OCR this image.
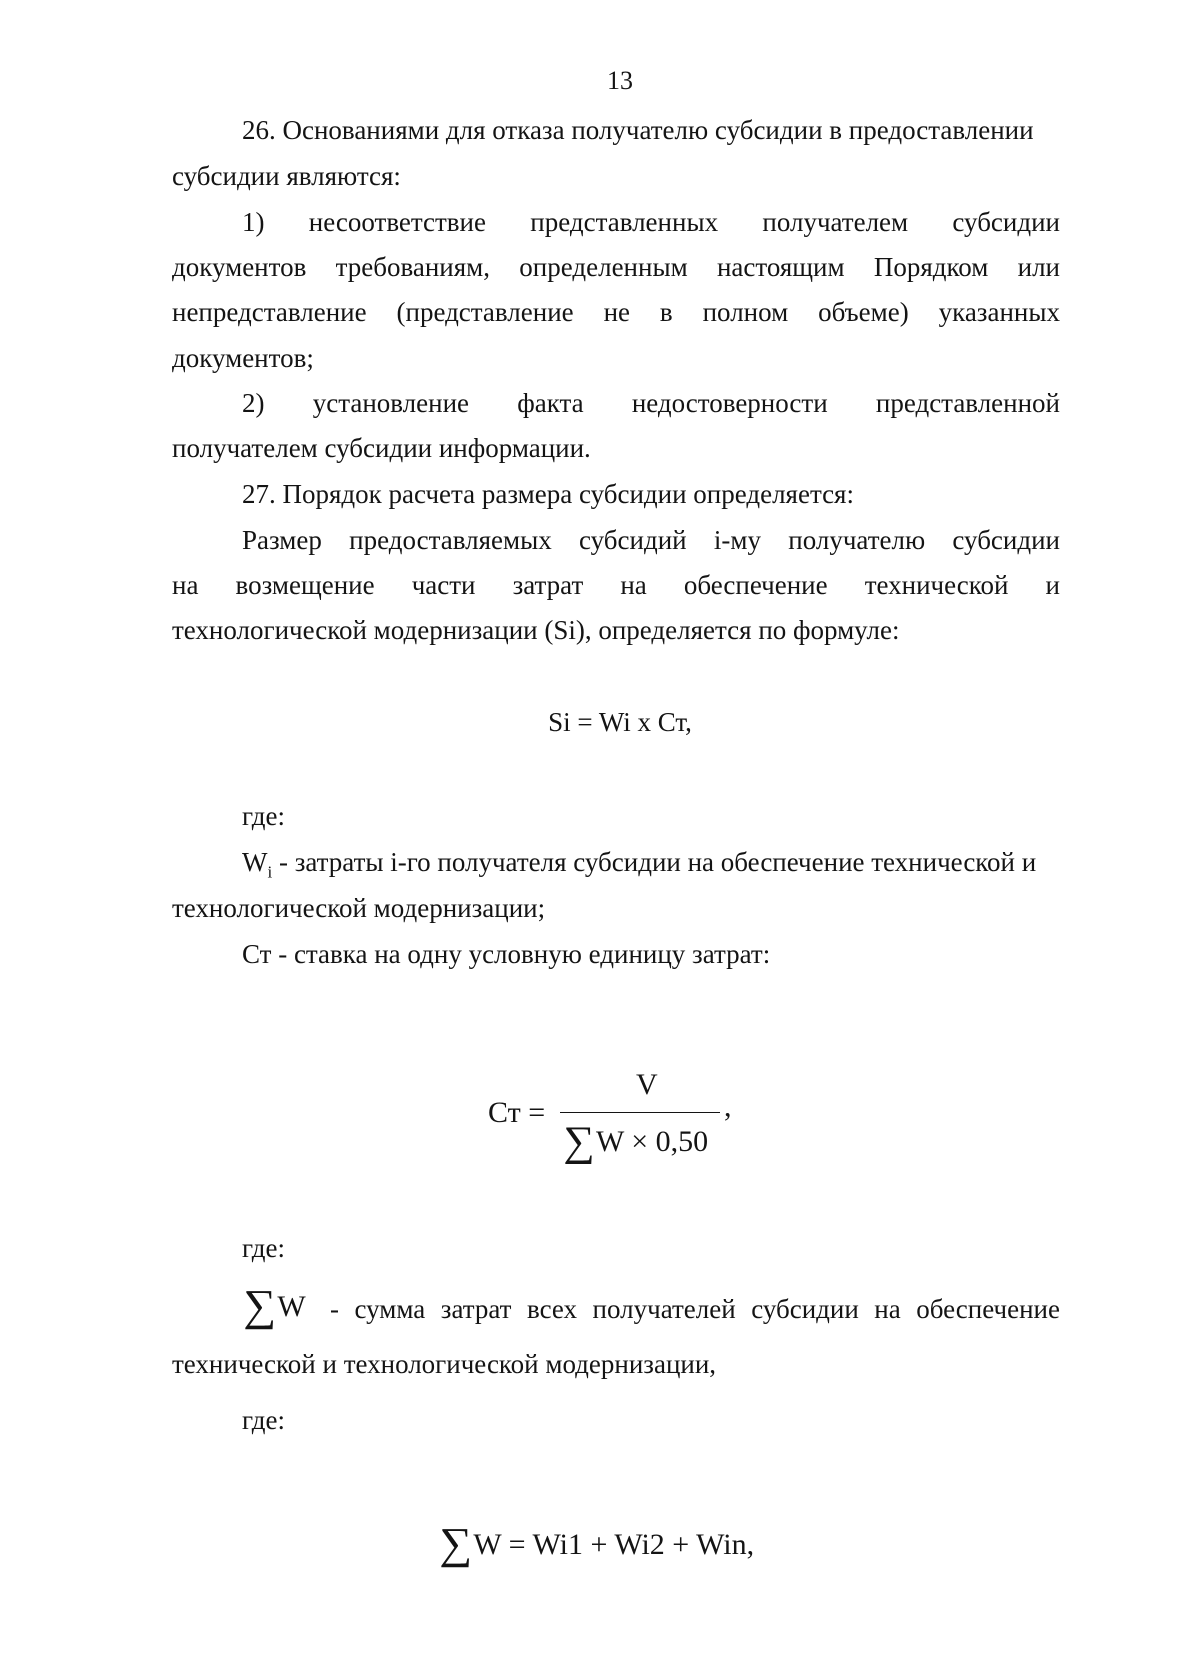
13
26. Основаниями для отказа получателю субсидии в предоставлении
субсидии являются:
1) несоответствие представленных получателем субсидии
документов требованиям, определенным настоящим Порядком или
непредставление (представление не в полном объеме) указанных
документов;
2) установление факта недостоверности представленной
получателем субсидии информации.
27. Порядок расчета размера субсидии определяется:
Размер предоставляемых субсидий i-му получателю субсидии
на возмещение части затрат на обеспечение технической и
технологической модернизации (Si), определяется по формуле:
Si = Wi x Ст,
где:
$W_i$ - затраты i-го получателя субсидии на обеспечение технической и
технологической модернизации;
Ст - ставка на одну условную единицу затрат:
Ст =
V
∑W × 0,50
,
где:
∑W - сумма затрат всех получателей субсидии на обеспечение
технической и технологической модернизации,
где:
∑W = Wi1 + Wi2 + Win,
